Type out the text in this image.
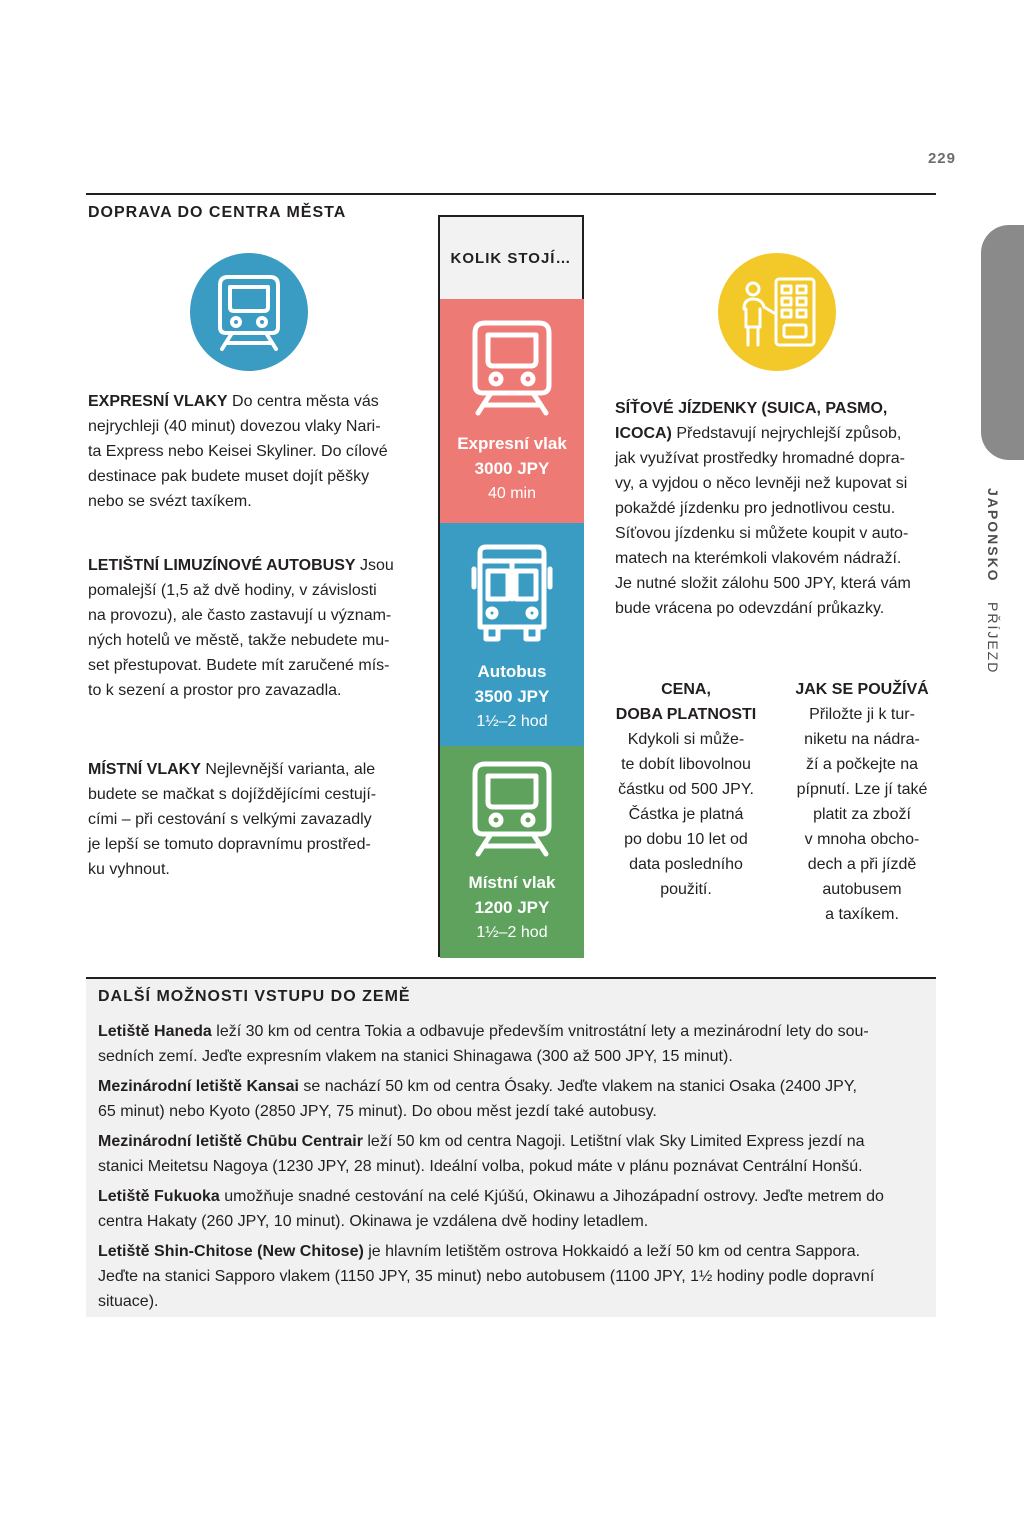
229
JAPONSKO PŘÍJEZD
DOPRAVA DO CENTRA MĚSTA
EXPRESNÍ VLAKY Do centra města vás
nejrychleji (40 minut) dovezou vlaky Nari-
ta Express nebo Keisei Skyliner. Do cílové
destinace pak budete muset dojít pěšky
nebo se svézt taxíkem.
LETIŠTNÍ LIMUZÍNOVÉ AUTOBUSY Jsou
pomalejší (1,5 až dvě hodiny, v závislosti
na provozu), ale často zastavují u význam-
ných hotelů ve městě, takže nebudete mu-
set přestupovat. Budete mít zaručené mís-
to k sezení a prostor pro zavazadla.
MÍSTNÍ VLAKY Nejlevnější varianta, ale
budete se mačkat s dojíždějícími cestují-
cími – při cestování s velkými zavazadly
je lepší se tomuto dopravnímu prostřed-
ku vyhnout.
KOLIK STOJÍ…
Expresní vlak
3000 JPY
40 min
Autobus
3500 JPY
1½–2 hod
Místní vlak
1200 JPY
1½–2 hod
SÍŤOVÉ JÍZDENKY (SUICA, PASMO,
ICOCA) Představují nejrychlejší způsob,
jak využívat prostředky hromadné dopra-
vy, a vyjdou o něco levněji než kupovat si
pokaždé jízdenku pro jednotlivou cestu.
Síťovou jízdenku si můžete koupit v auto-
matech na kterémkoli vlakovém nádraží.
Je nutné složit zálohu 500 JPY, která vám
bude vrácena po odevzdání průkazky.
CENA,
DOBA PLATNOSTI
Kdykoli si může-
te dobít libovolnou
částku od 500 JPY.
Částka je platná
po dobu 10 let od
data posledního
použití.
JAK SE POUŽÍVÁ
Přiložte ji k tur-
niketu na nádra-
ží a počkejte na
pípnutí. Lze jí také
platit za zboží
v mnoha obcho-
dech a při jízdě
autobusem
a taxíkem.
DALŠÍ MOŽNOSTI VSTUPU DO ZEMĚ

Letiště Haneda leží 30 km od centra Tokia a odbavuje především vnitrostátní lety a mezinárodní lety do sou-
sedních zemí. Jeďte expresním vlakem na stanici Shinagawa (300 až 500 JPY, 15 minut).

Mezinárodní letiště Kansai se nachází 50 km od centra Ósaky. Jeďte vlakem na stanici Osaka (2400 JPY,
65 minut) nebo Kyoto (2850 JPY, 75 minut). Do obou měst jezdí také autobusy.

Mezinárodní letiště Chūbu Centrair leží 50 km od centra Nagoji. Letištní vlak Sky Limited Express jezdí na
stanici Meitetsu Nagoya (1230 JPY, 28 minut). Ideální volba, pokud máte v plánu poznávat Centrální Honšú.

Letiště Fukuoka umožňuje snadné cestování na celé Kjúšú, Okinawu a Jihozápadní ostrovy. Jeďte metrem do
centra Hakaty (260 JPY, 10 minut). Okinawa je vzdálena dvě hodiny letadlem.

Letiště Shin-Chitose (New Chitose) je hlavním letištěm ostrova Hokkaidó a leží 50 km od centra Sappora.
Jeďte na stanici Sapporo vlakem (1150 JPY, 35 minut) nebo autobusem (1100 JPY, 1½ hodiny podle dopravní
situace).
